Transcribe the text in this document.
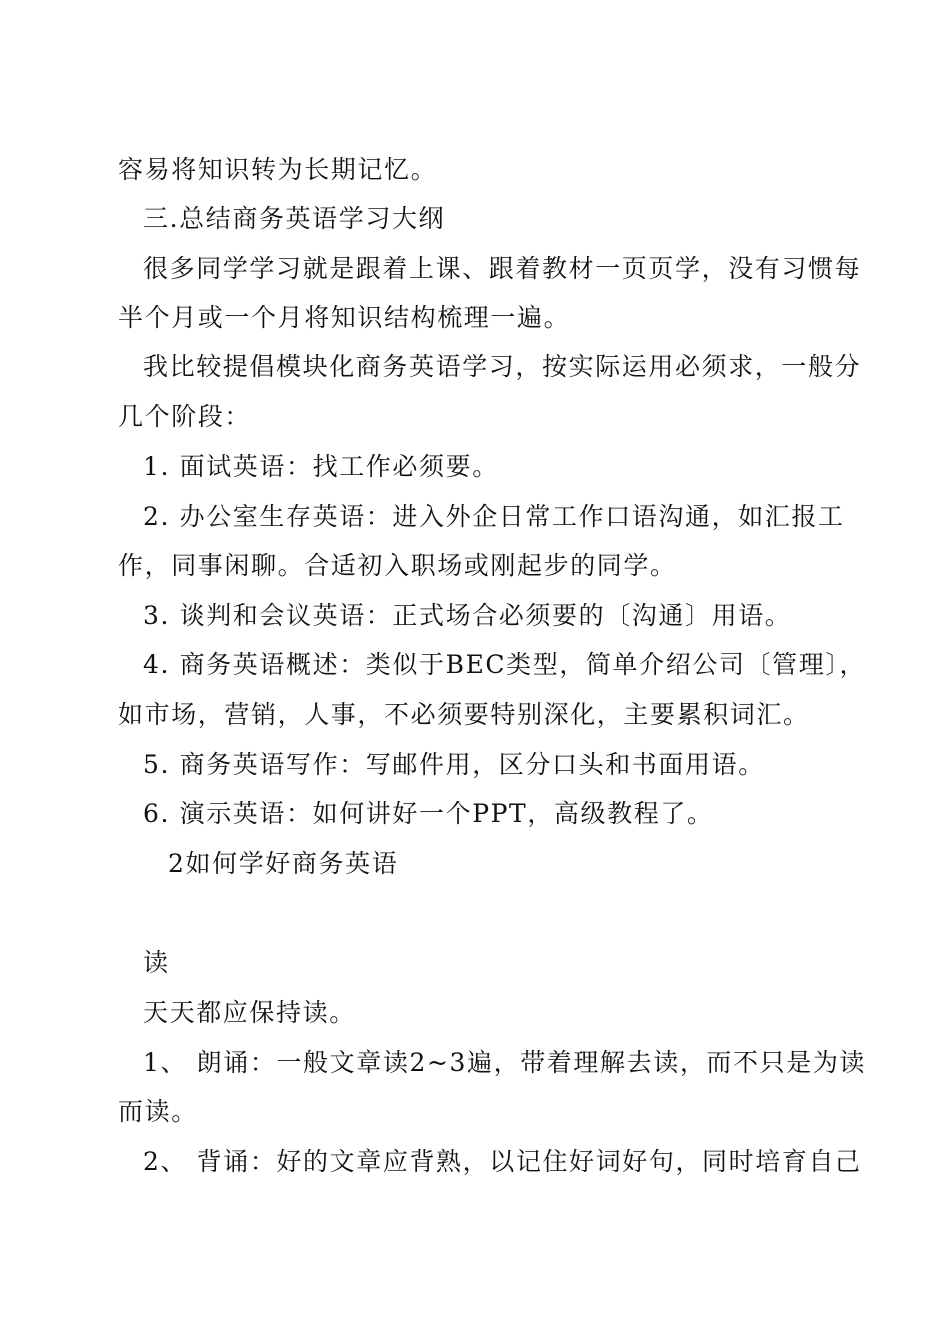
容易将知识转为长期记忆。
三.总结商务英语学习大纲
很多同学学习就是跟着上课、跟着教材一页页学，没有习惯每
半个月或一个月将知识结构梳理一遍。
我比较提倡模块化商务英语学习，按实际运用必须求，一般分
几个阶段：
1. 面试英语：找工作必须要。
2. 办公室生存英语：进入外企日常工作口语沟通，如汇报工
作，同事闲聊。合适初入职场或刚起步的同学。
3. 谈判和会议英语：正式场合必须要的〔沟通〕用语。
4. 商务英语概述：类似于BEC类型，简单介绍公司〔管理〕，
如市场，营销，人事，不必须要特别深化，主要累积词汇。
5. 商务英语写作：写邮件用，区分口头和书面用语。
6. 演示英语：如何讲好一个PPT，高级教程了。
2如何学好商务英语
读
天天都应保持读。
1、 朗诵：一般文章读2~3遍，带着理解去读，而不只是为读
而读。
2、 背诵：好的文章应背熟，以记住好词好句，同时培育自己
